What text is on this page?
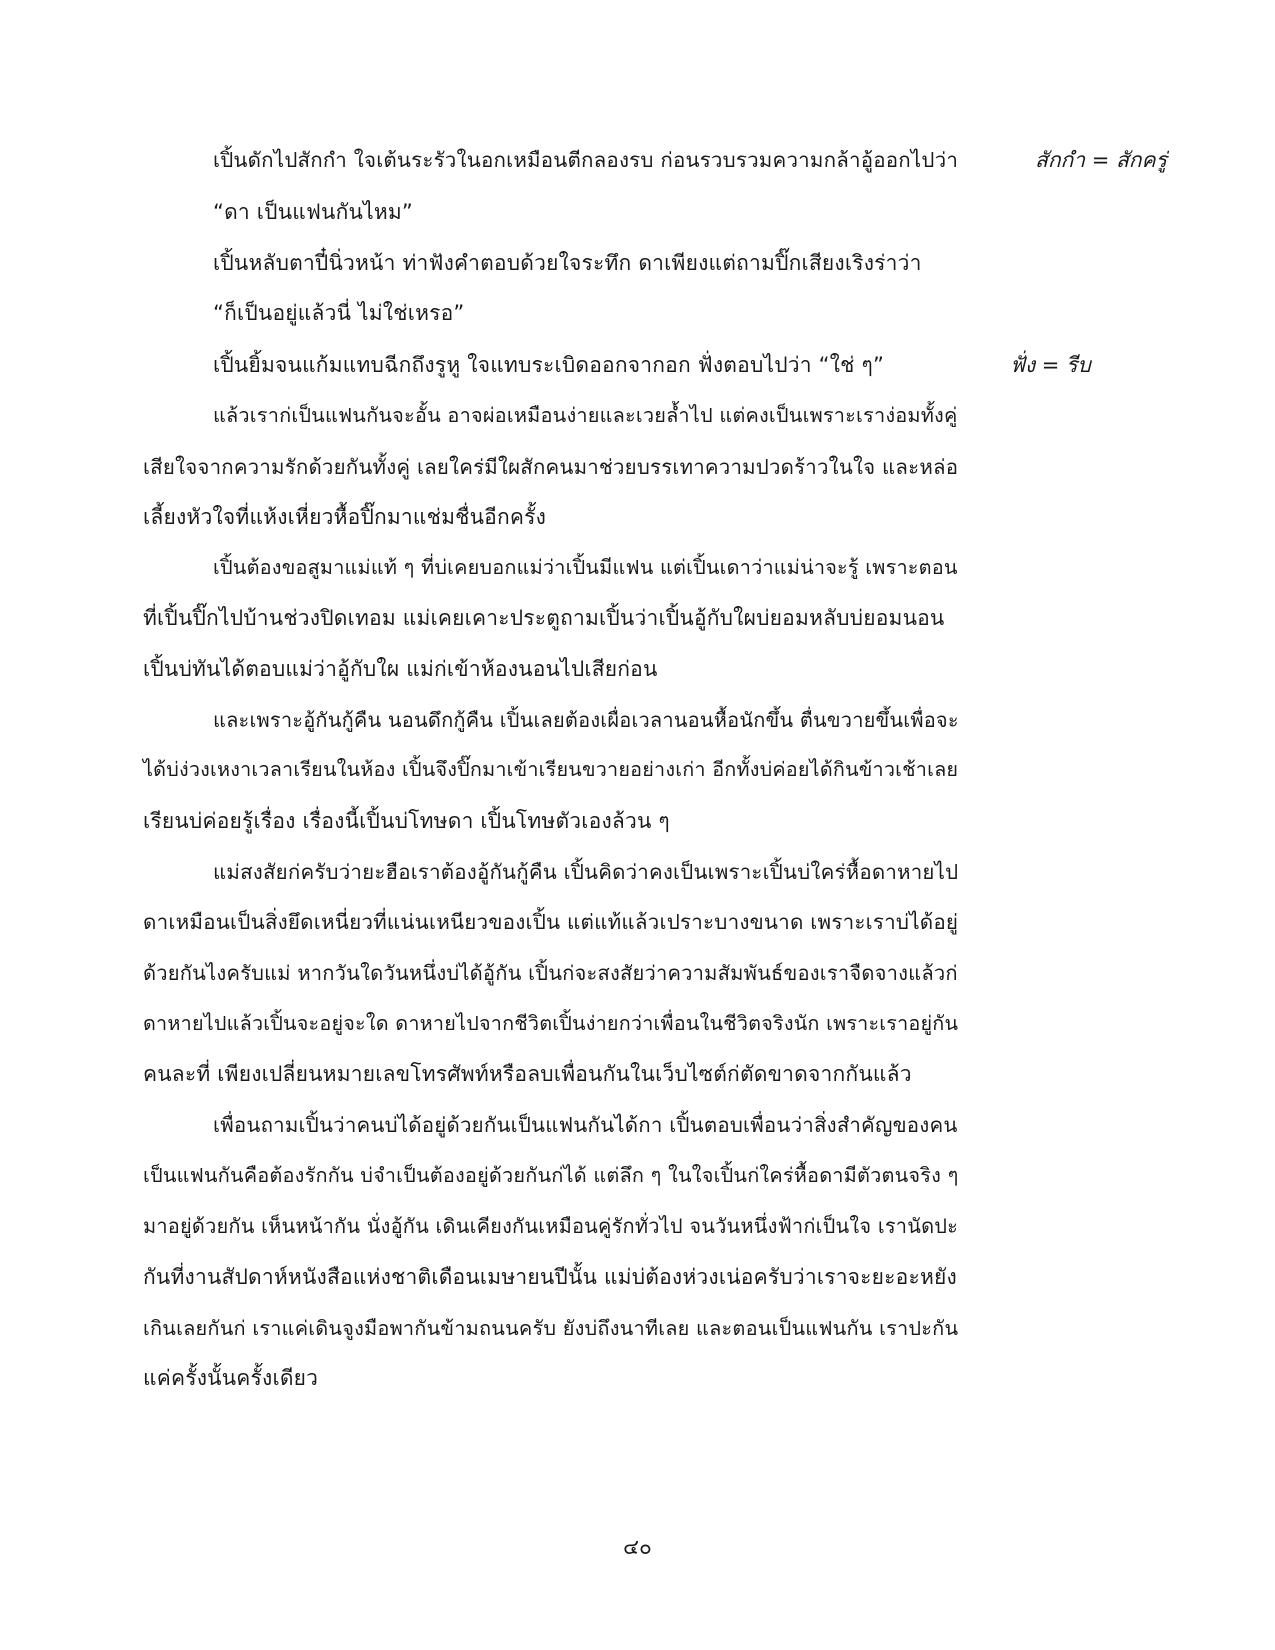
เปิ้นดักไปสักกำ ใจเต้นระรัวในอกเหมือนตีกลองรบ ก่อนรวบรวมความกล้าอู้ออกไปว่า	สักกำ = สักครู่
“ดา เป็นแฟนกันไหม”
เปิ้นหลับตาปี๋นิ่วหน้า ท่าฟังคำตอบด้วยใจระทึก ดาเพียงแต่ถามปิ๊กเสียงเริงร่าว่า
“ก็เป็นอยู่แล้วนี่ ไม่ใช่เหรอ”
เปิ้นยิ้มจนแก้มแทบฉีกถึงรูหู ใจแทบระเบิดออกจากอก ฟั่งตอบไปว่า “ใช่ ๆ”	ฟั่ง = รีบ
แล้วเราก่เป็นแฟนกันจะอั้น อาจผ่อเหมือนง่ายและเวยล้ำไป แต่คงเป็นเพราะเราง่อมทั้งคู่
เสียใจจากความรักด้วยกันทั้งคู่ เลยใคร่มีใผสักคนมาช่วยบรรเทาความปวดร้าวในใจ และหล่อ
เลี้ยงหัวใจที่แห้งเหี่ยวหื้อปิ๊กมาแช่มชื่นอีกครั้ง
เปิ้นต้องขอสูมาแม่แท้ ๆ ที่บ่เคยบอกแม่ว่าเปิ้นมีแฟน แต่เปิ้นเดาว่าแม่น่าจะรู้ เพราะตอน
ที่เปิ้นปิ๊กไปบ้านช่วงปิดเทอม แม่เคยเคาะประตูถามเปิ้นว่าเปิ้นอู้กับใผบ่ยอมหลับบ่ยอมนอน
เปิ้นบ่ทันได้ตอบแม่ว่าอู้กับใผ แม่ก่เข้าห้องนอนไปเสียก่อน
และเพราะอู้กันกู้คืน นอนดึกกู้คืน เปิ้นเลยต้องเผื่อเวลานอนหื้อนักขึ้น ตื่นขวายขึ้นเพื่อจะ
ได้บ่ง่วงเหงาเวลาเรียนในห้อง เปิ้นจึงปิ๊กมาเข้าเรียนขวายอย่างเก่า อีกทั้งบ่ค่อยได้กินข้าวเช้าเลย
เรียนบ่ค่อยรู้เรื่อง เรื่องนี้เปิ้นบ่โทษดา เปิ้นโทษตัวเองล้วน ๆ
แม่สงสัยก่ครับว่ายะฮือเราต้องอู้กันกู้คืน เปิ้นคิดว่าคงเป็นเพราะเปิ้นบ่ใคร่หื้อดาหายไป
ดาเหมือนเป็นสิ่งยึดเหนี่ยวที่แน่นเหนียวของเปิ้น แต่แท้แล้วเปราะบางขนาด เพราะเราบ่ได้อยู่
ด้วยกันไงครับแม่ หากวันใดวันหนึ่งบ่ได้อู้กัน เปิ้นก่จะสงสัยว่าความสัมพันธ์ของเราจืดจางแล้วก่
ดาหายไปแล้วเปิ้นจะอยู่จะใด ดาหายไปจากชีวิตเปิ้นง่ายกว่าเพื่อนในชีวิตจริงนัก เพราะเราอยู่กัน
คนละที่ เพียงเปลี่ยนหมายเลขโทรศัพท์หรือลบเพื่อนกันในเว็บไซต์ก่ตัดขาดจากกันแล้ว
เพื่อนถามเปิ้นว่าคนบ่ได้อยู่ด้วยกันเป็นแฟนกันได้กา เปิ้นตอบเพื่อนว่าสิ่งสำคัญของคน
เป็นแฟนกันคือต้องรักกัน บ่จำเป็นต้องอยู่ด้วยกันก่ได้ แต่ลึก ๆ ในใจเปิ้นก่ใคร่หื้อดามีตัวตนจริง ๆ
มาอยู่ด้วยกัน เห็นหน้ากัน นั่งอู้กัน เดินเคียงกันเหมือนคู่รักทั่วไป จนวันหนึ่งฟ้าก่เป็นใจ เรานัดปะ
กันที่งานสัปดาห์หนังสือแห่งชาติเดือนเมษายนปีนั้น แม่บ่ต้องห่วงเน่อครับว่าเราจะยะอะหยัง
เกินเลยกันก่ เราแค่เดินจูงมือพากันข้ามถนนครับ ยังบ่ถึงนาทีเลย และตอนเป็นแฟนกัน เราปะกัน
แค่ครั้งนั้นครั้งเดียว
๔๐
